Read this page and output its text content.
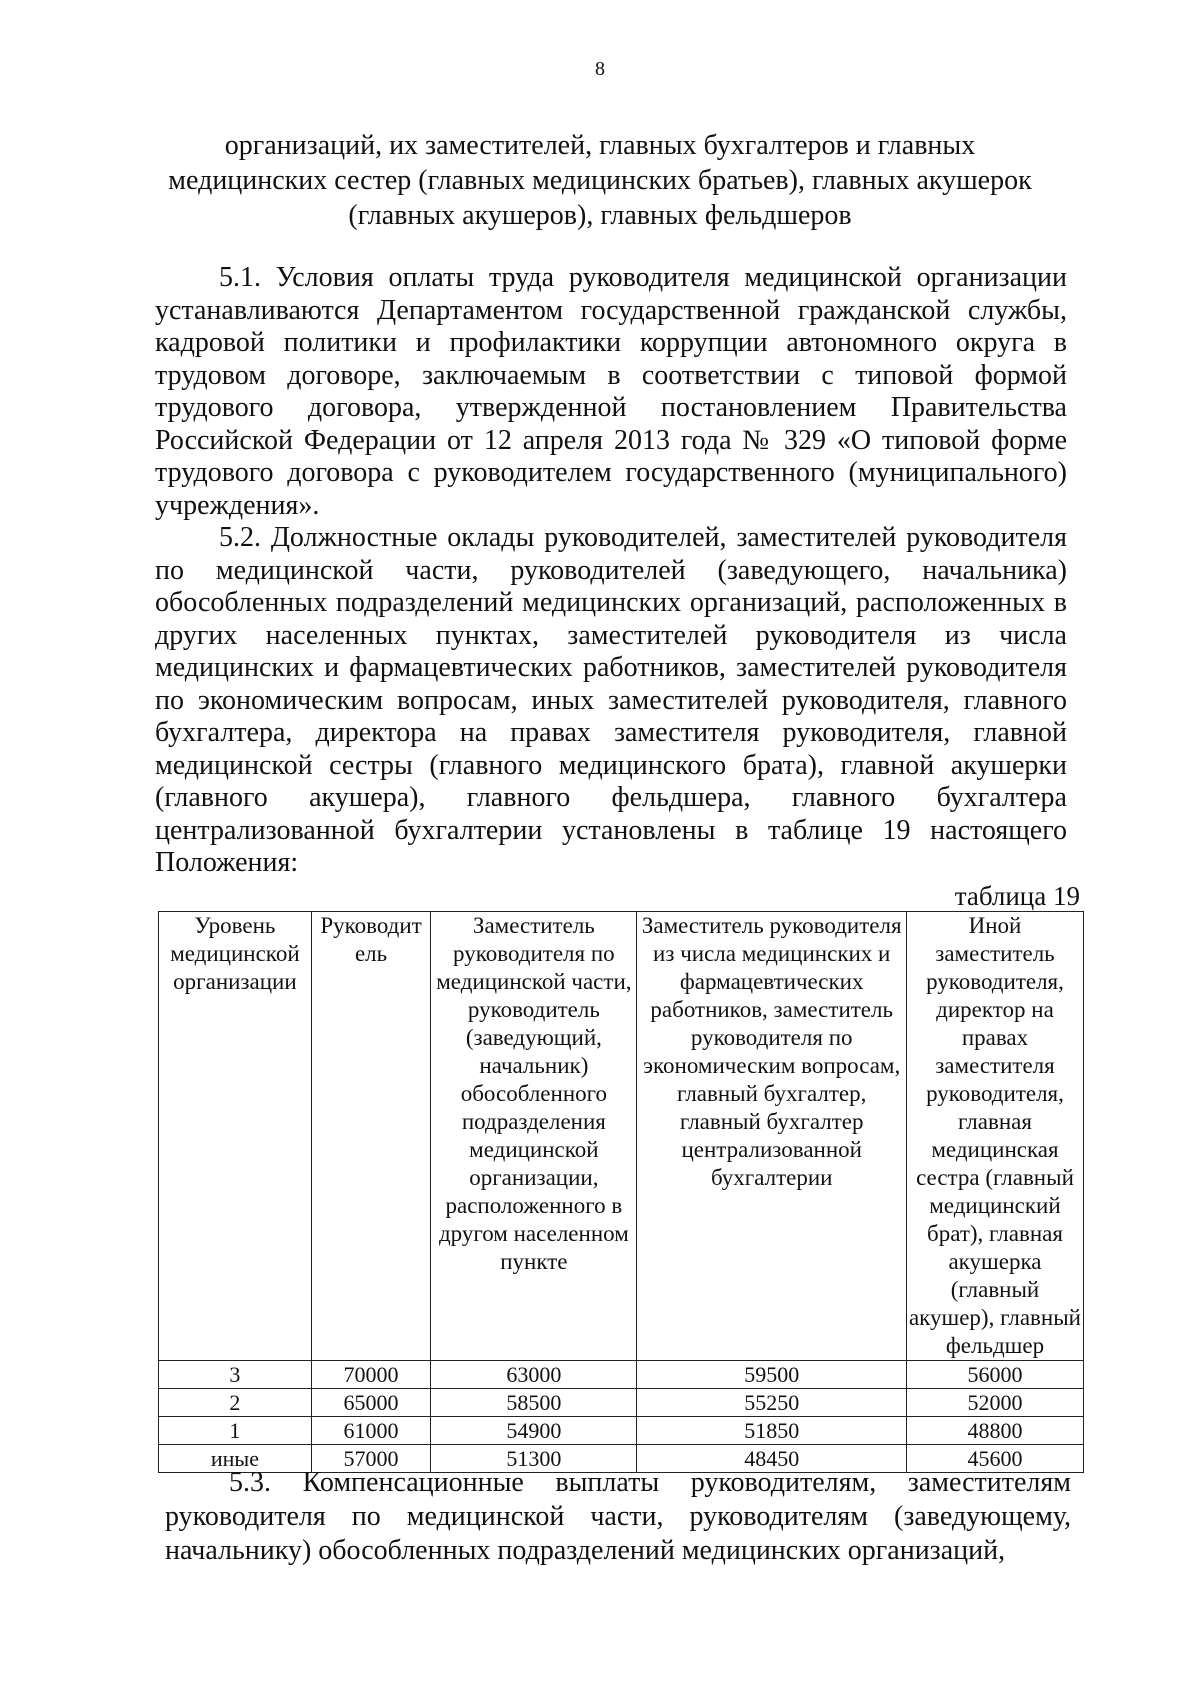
8
организаций, их заместителей, главных бухгалтеров и главных
медицинских сестер (главных медицинских братьев), главных акушерок
(главных акушеров), главных фельдшеров

5.1. Условия оплаты труда руководителя медицинской организации устанавливаются Департаментом государственной гражданской службы, кадровой политики и профилактики коррупции автономного округа в трудовом договоре, заключаемым в соответствии с типовой формой трудового договора, утвержденной постановлением Правительства Российской Федерации от 12 апреля 2013 года № 329 «О типовой форме трудового договора с руководителем государственного (муниципального) учреждения».

5.2. Должностные оклады руководителей, заместителей руководителя по медицинской части, руководителей (заведующего, начальника) обособленных подразделений медицинских организаций, расположенных в других населенных пунктах, заместителей руководителя из числа медицинских и фармацевтических работников, заместителей руководителя по экономическим вопросам, иных заместителей руководителя, главного бухгалтера, директора на правах заместителя руководителя, главной медицинской сестры (главного медицинского брата), главной акушерки (главного акушера), главного фельдшера, главного бухгалтера централизованной бухгалтерии установлены в таблице 19 настоящего Положения:

таблица 19
Уровень медицинской организации	Руководит ель	Заместитель руководителя по медицинской части, руководитель (заведующий, начальник) обособленного подразделения медицинской организации, расположенного в другом населенном пункте	Заместитель руководителя из числа медицинских и фармацевтических работников, заместитель руководителя по экономическим вопросам, главный бухгалтер, главный бухгалтер централизованной бухгалтерии	Иной заместитель руководителя, директор на правах заместителя руководителя, главная медицинская сестра (главный медицинский брат), главная акушерка (главный акушер), главный фельдшер
3	70000	63000	59500	56000
2	65000	58500	55250	52000
1	61000	54900	51850	48800
иные	57000	51300	48450	45600

5.3. Компенсационные выплаты руководителям, заместителям руководителя по медицинской части, руководителям (заведующему, начальнику) обособленных подразделений медицинских организаций,
